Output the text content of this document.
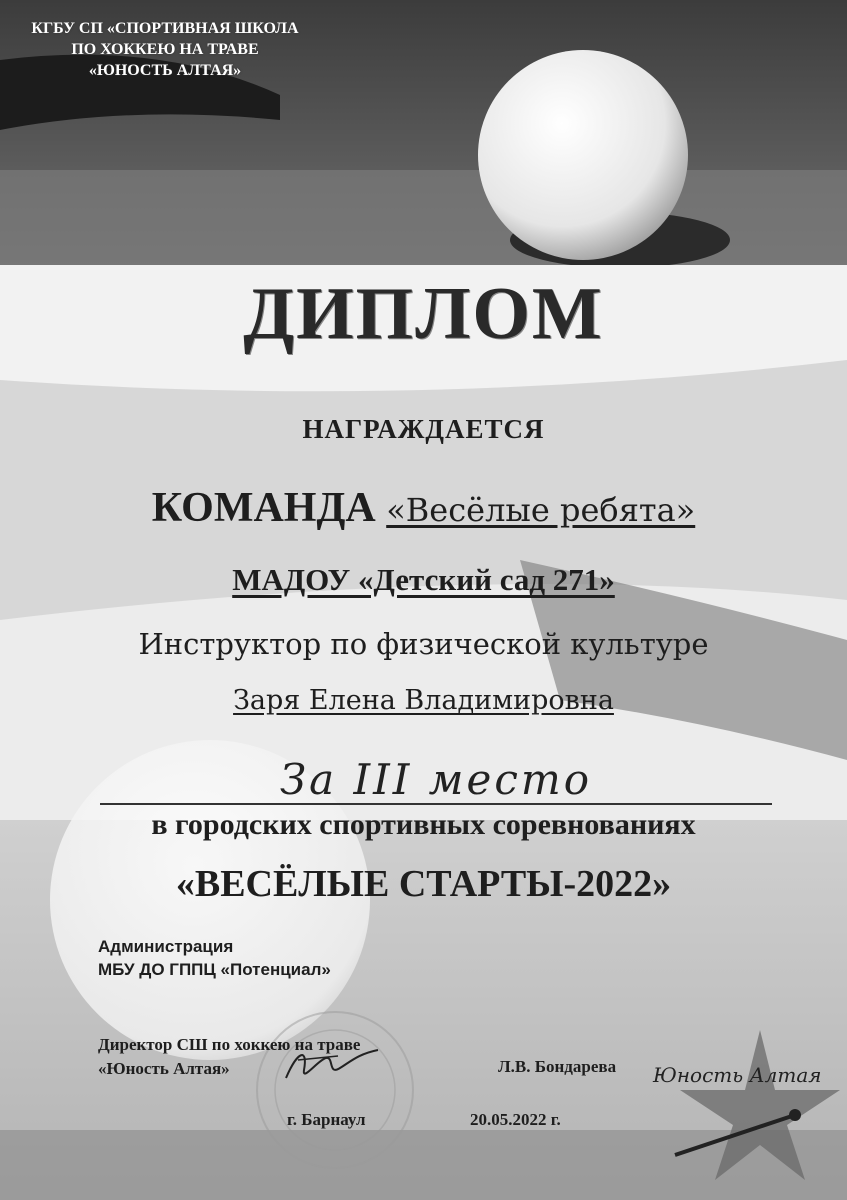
КГБУ СП «СПОРТИВНАЯ ШКОЛА
ПО ХОККЕЮ НА ТРАВЕ
«ЮНОСТЬ АЛТАЯ»
ДИПЛОМ
НАГРАЖДАЕТСЯ
КОМАНДА «Весёлые ребята»
МАДОУ «Детский сад 271»
Инструктор по физической культуре
Заря Елена Владимировна
За III место
в городских спортивных соревнованиях
«ВЕСЁЛЫЕ СТАРТЫ-2022»
Администрация
МБУ ДО ГППЦ «Потенциал»
Директор СШ по хоккею на траве
«Юность Алтая»	Л.В. Бондарева
г. Барнаул	20.05.2022 г.
Юность Алтая
